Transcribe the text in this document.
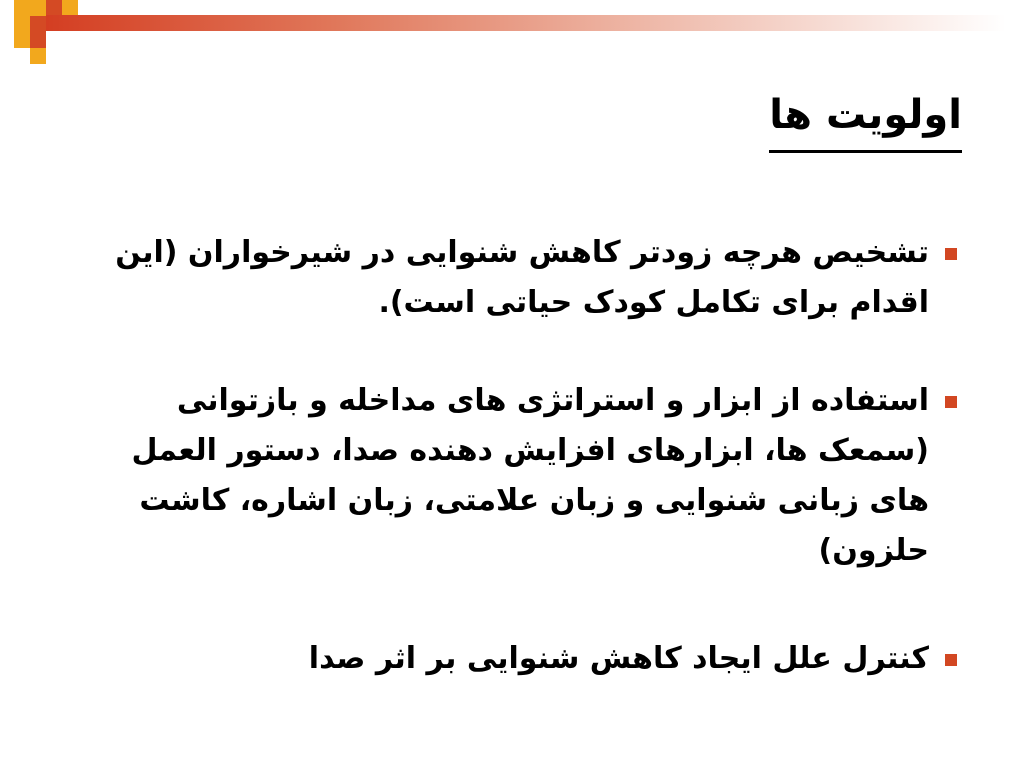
اولویت ها
تشخیص هرچه زودتر کاهش شنوایی در شیرخواران (این
اقدام برای تکامل کودک حیاتی است).
استفاده از ابزار و استراتژی های مداخله و بازتوانی
(سمعک ها، ابزارهای افزایش دهنده صدا، دستور العمل
های زبانی شنوایی و زبان علامتی، زبان اشاره، کاشت
حلزون)
کنترل علل ایجاد کاهش شنوایی بر اثر صدا
